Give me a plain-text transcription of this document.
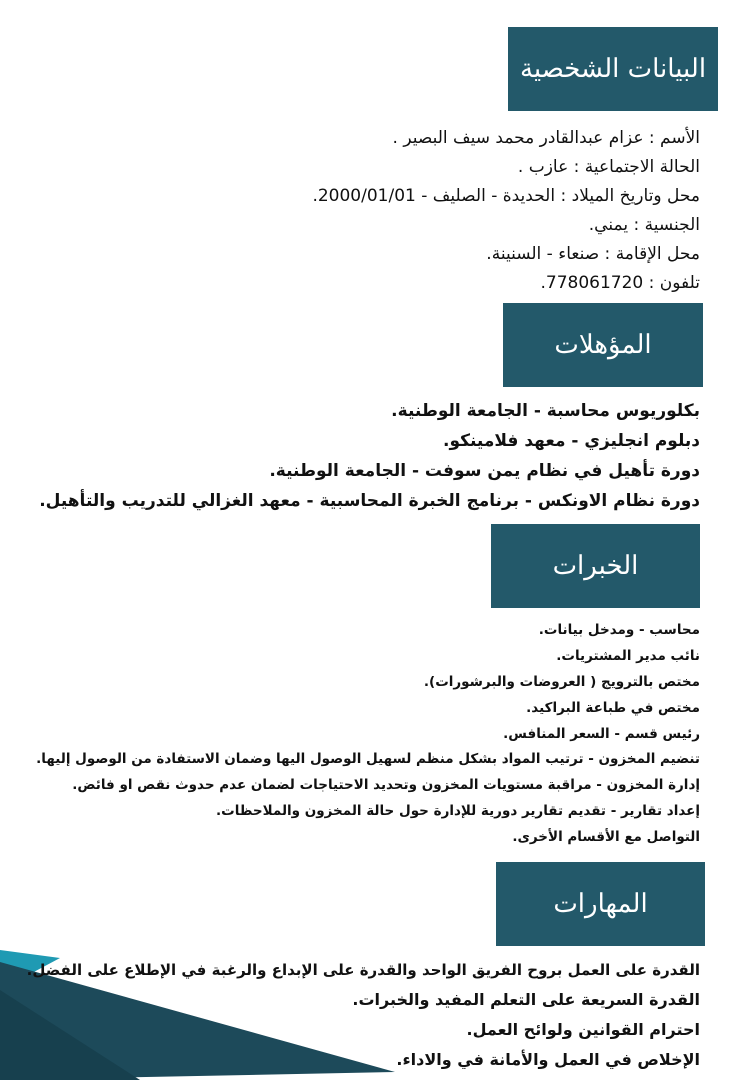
البيانات الشخصية
الأسم : عزام عبدالقادر محمد سيف البصير .
الحالة الاجتماعية : عازب .
محل وتاريخ الميلاد : الحديدة - الصليف - 2000/01/01.
الجنسية : يمني.
محل الإقامة : صنعاء - السنينة.
تلفون : 778061720.
المؤهلات
بكلوريوس محاسبة - الجامعة الوطنية.
دبلوم انجليزي - معهد فلامينكو.
دورة تأهيل في نظام يمن سوفت - الجامعة الوطنية.
دورة نظام الاونكس - برنامج الخبرة المحاسبية - معهد الغزالي للتدريب والتأهيل.
الخبرات
محاسب - ومدخل بيانات.
نائب مدير المشتريات.
مختص بالترويج ( العروضات والبرشورات).
مختص في طباعة البراكيد.
رئيس قسم - السعر المنافس.
تنضيم المخزون - ترتيب المواد بشكل منظم لسهيل الوصول اليها وضمان الاستفادة من الوصول إليها.
إدارة المخزون - مراقبة مستويات المخزون وتحديد الاحتياجات لضمان عدم حدوث نقص او فائض.
إعداد تقارير - تقديم تقارير دورية للإدارة حول حالة المخزون والملاحظات.
التواصل مع الأقسام الأخرى.
المهارات
القدرة على العمل بروح الفريق الواحد والقدرة على الإبداع والرغبة في الإطلاع على الفضل.
القدرة السريعة على التعلم المفيد والخبرات.
احترام القوانين ولوائح العمل.
الإخلاص في العمل والأمانة في والاداء.
